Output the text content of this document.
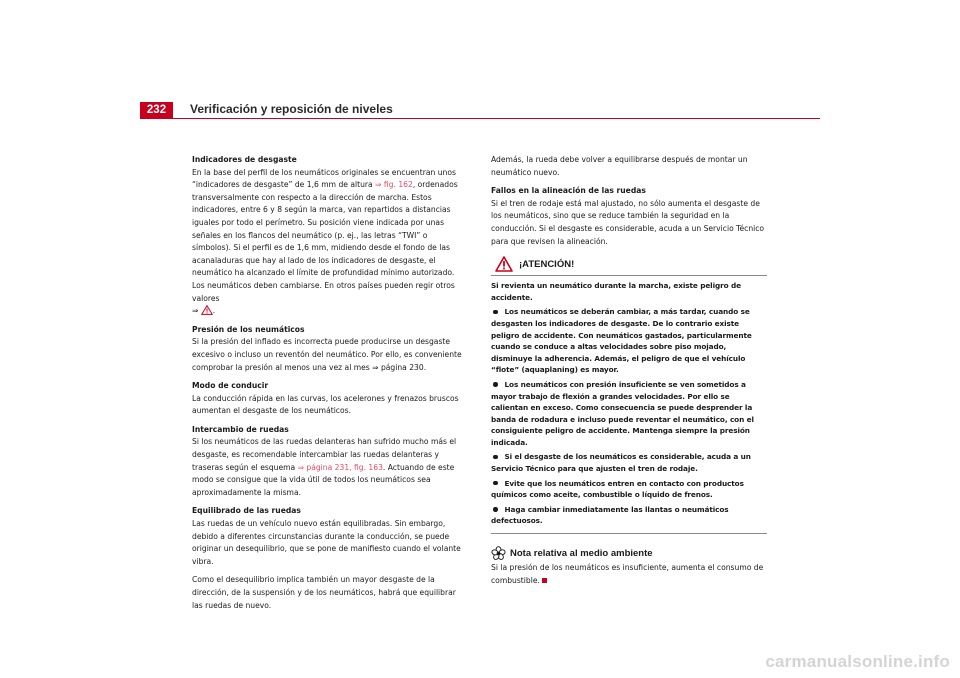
232	Verificación y reposición de niveles
Indicadores de desgaste

En la base del perfil de los neumáticos originales se encuentran unos “indicadores de desgaste” de 1,6 mm de altura ⇒ fig. 162, ordenados transversalmente con respecto a la dirección de marcha. Estos indicadores, entre 6 y 8 según la marca, van repartidos a distancias iguales por todo el perímetro. Su posición viene indicada por unas señales en los flancos del neumático (p. ej., las letras “TWI” o símbolos). Si el perfil es de 1,6 mm, midiendo desde el fondo de las acanaladuras que hay al lado de los indicadores de desgaste, el neumático ha alcanzado el límite de profundidad mínimo autorizado. Los neumáticos deben cambiarse. En otros países pueden regir otros valores
⇒ .

Presión de los neumáticos

Si la presión del inflado es incorrecta puede producirse un desgaste excesivo o incluso un reventón del neumático. Por ello, es conveniente comprobar la presión al menos una vez al mes ⇒ página 230.

Modo de conducir

La conducción rápida en las curvas, los acelerones y frenazos bruscos aumentan el desgaste de los neumáticos.

Intercambio de ruedas

Si los neumáticos de las ruedas delanteras han sufrido mucho más el desgaste, es recomendable intercambiar las ruedas delanteras y traseras según el esquema ⇒ página 231, fig. 163. Actuando de este modo se consigue que la vida útil de todos los neumáticos sea aproximadamente la misma.

Equilibrado de las ruedas

Las ruedas de un vehículo nuevo están equilibradas. Sin embargo, debido a diferentes circunstancias durante la conducción, se puede originar un desequilibrio, que se pone de manifiesto cuando el volante vibra.

Como el desequilibrio implica también un mayor desgaste de la dirección, de la suspensión y de los neumáticos, habrá que equilibrar las ruedas de nuevo.

Además, la rueda debe volver a equilibrarse después de montar un neumático nuevo.

Fallos en la alineación de las ruedas

Si el tren de rodaje está mal ajustado, no sólo aumenta el desgaste de los neumáticos, sino que se reduce también la seguridad en la conducción. Si el desgaste es considerable, acuda a un Servicio Técnico para que revisen la alineación.

¡ATENCIÓN!

Si revienta un neumático durante la marcha, existe peligro de accidente.

Los neumáticos se deberán cambiar, a más tardar, cuando se desgasten los indicadores de desgaste. De lo contrario existe peligro de accidente. Con neumáticos gastados, particularmente cuando se conduce a altas velocidades sobre piso mojado, disminuye la adherencia. Además, el peligro de que el vehículo “flote” (aquaplaning) es mayor.

Los neumáticos con presión insuficiente se ven sometidos a mayor trabajo de flexión a grandes velocidades. Por ello se calientan en exceso. Como consecuencia se puede desprender la banda de rodadura e incluso puede reventar el neumático, con el consiguiente peligro de accidente. Mantenga siempre la presión indicada.

Si el desgaste de los neumáticos es considerable, acuda a un Servicio Técnico para que ajusten el tren de rodaje.

Evite que los neumáticos entren en contacto con productos químicos como aceite, combustible o líquido de frenos.

Haga cambiar inmediatamente las llantas o neumáticos defectuosos.

Nota relativa al medio ambiente

Si la presión de los neumáticos es insuficiente, aumenta el consumo de combustible.

carmanualsonline.info
